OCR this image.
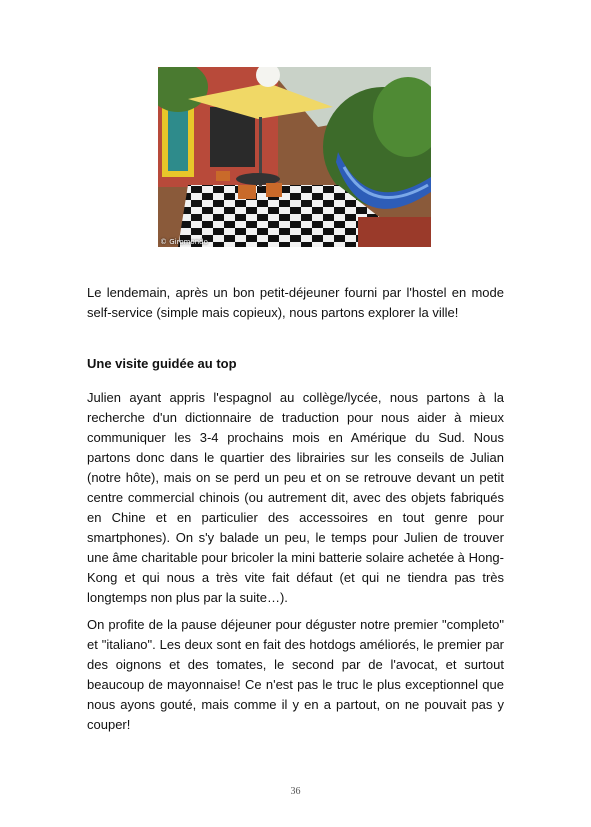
© Giromondo

Le lendemain, après un bon petit-déjeuner fourni par l'hostel en mode self-service (simple mais copieux), nous partons explorer la ville!

Une visite guidée au top

Julien ayant appris l'espagnol au collège/lycée, nous partons à la recherche d'un dictionnaire de traduction pour nous aider à mieux communiquer les 3-4 prochains mois en Amérique du Sud. Nous partons donc dans le quartier des librairies sur les conseils de Julian (notre hôte), mais on se perd un peu et on se retrouve devant un petit centre commercial chinois (ou autrement dit, avec des objets fabriqués en Chine et en particulier des accessoires en tout genre pour smartphones). On s'y balade un peu, le temps pour Julien de trouver une âme charitable pour bricoler la mini batterie solaire achetée à Hong-Kong et qui nous a très vite fait défaut (et qui ne tiendra pas très longtemps non plus par la suite…).

On profite de la pause déjeuner pour déguster notre premier "completo" et "italiano". Les deux sont en fait des hotdogs améliorés, le premier par des oignons et des tomates, le second par de l'avocat, et surtout beaucoup de mayonnaise! Ce n'est pas le truc le plus exceptionnel que nous ayons gouté, mais comme il y en a partout, on ne pouvait pas y couper!

36
